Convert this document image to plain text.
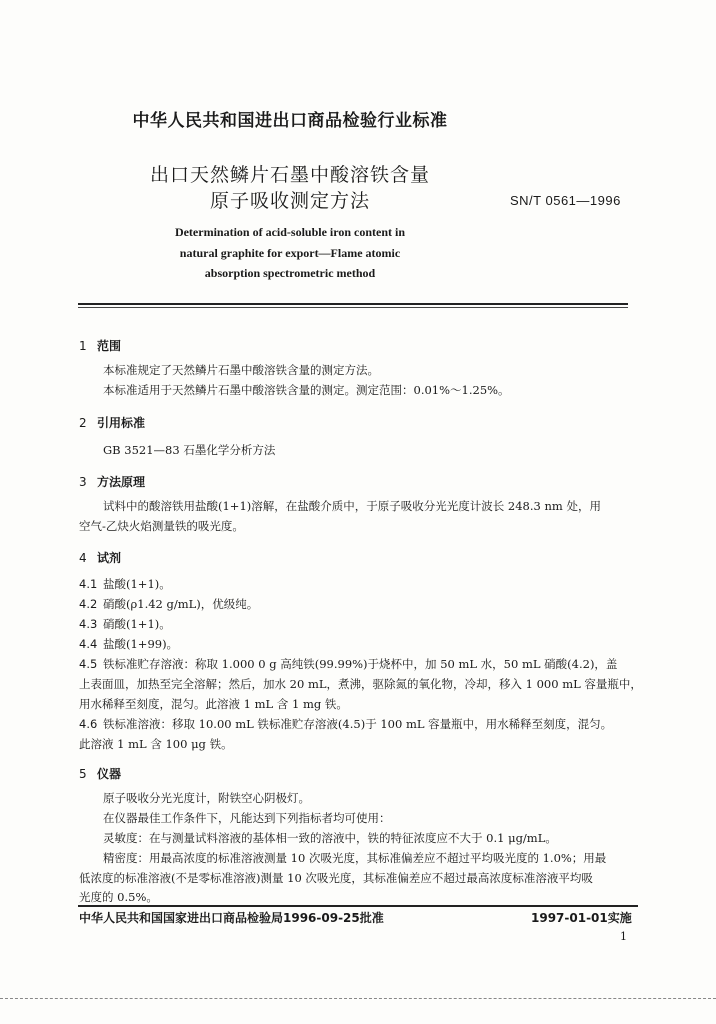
中华人民共和国进出口商品检验行业标准
出口天然鳞片石墨中酸溶铁含量
原子吸收测定方法	SN/T 0561—1996
Determination of acid-soluble iron content in
natural graphite for export—Flame atomic
absorption spectrometric method
1 范围
本标准规定了天然鳞片石墨中酸溶铁含量的测定方法。
本标准适用于天然鳞片石墨中酸溶铁含量的测定。测定范围：0.01%～1.25%。
2 引用标准
GB 3521—83 石墨化学分析方法
3 方法原理
试料中的酸溶铁用盐酸(1+1)溶解，在盐酸介质中，于原子吸收分光光度计波长 248.3 nm 处，用
空气-乙炔火焰测量铁的吸光度。
4 试剂
4.1 盐酸(1+1)。
4.2 硝酸(ρ1.42 g/mL)，优级纯。
4.3 硝酸(1+1)。
4.4 盐酸(1+99)。
4.5 铁标准贮存溶液：称取 1.000 0 g 高纯铁(99.99%)于烧杯中，加 50 mL 水，50 mL 硝酸(4.2)，盖
上表面皿，加热至完全溶解；然后，加水 20 mL，煮沸，驱除氮的氧化物，冷却，移入 1 000 mL 容量瓶中，
用水稀释至刻度，混匀。此溶液 1 mL 含 1 mg 铁。
4.6 铁标准溶液：移取 10.00 mL 铁标准贮存溶液(4.5)于 100 mL 容量瓶中，用水稀释至刻度，混匀。
此溶液 1 mL 含 100 μg 铁。
5 仪器
原子吸收分光光度计，附铁空心阴极灯。
在仪器最佳工作条件下，凡能达到下列指标者均可使用：
灵敏度：在与测量试料溶液的基体相一致的溶液中，铁的特征浓度应不大于 0.1 μg/mL。
精密度：用最高浓度的标准溶液测量 10 次吸光度，其标准偏差应不超过平均吸光度的 1.0%；用最
低浓度的标准溶液(不是零标准溶液)测量 10 次吸光度，其标准偏差应不超过最高浓度标准溶液平均吸
光度的 0.5%。
中华人民共和国国家进出口商品检验局1996-09-25批准	1997-01-01实施
1
